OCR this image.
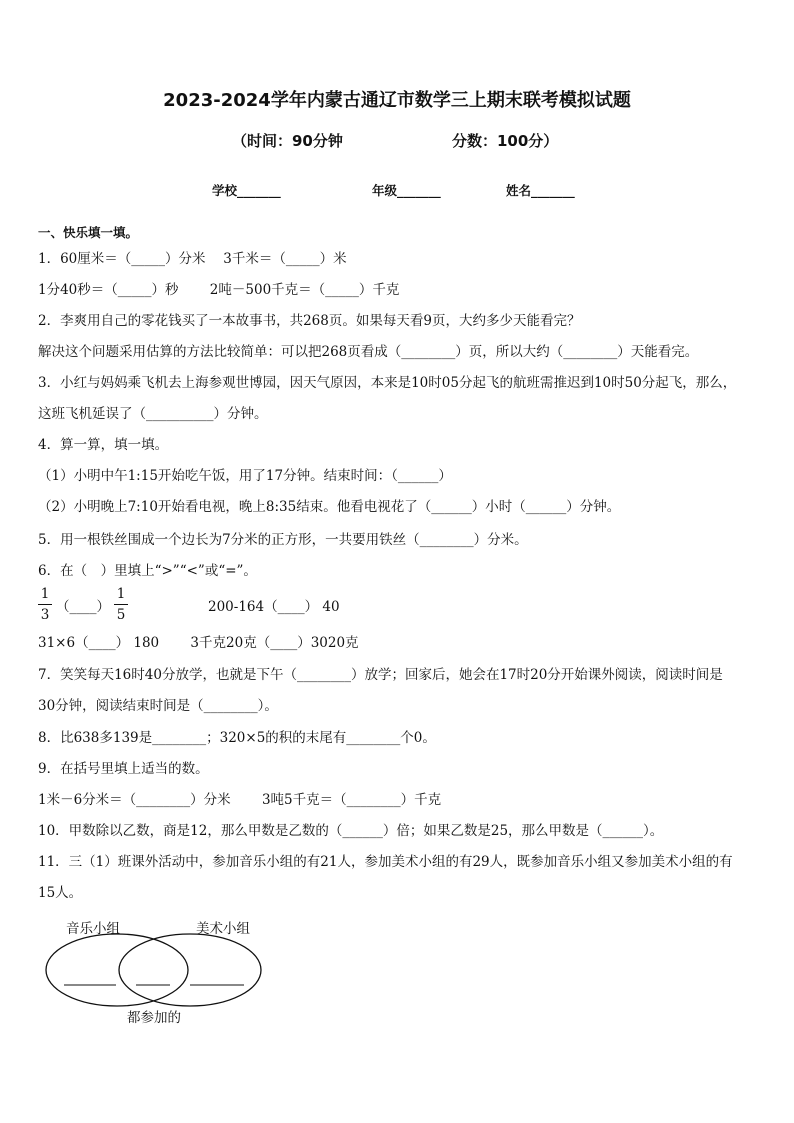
2023-2024学年内蒙古通辽市数学三上期末联考模拟试题
（时间：90分钟	分数：100分）
学校_______	年级_______	姓名_______
一、快乐填一填。
1．60厘米＝（_____）分米　 3千米＝（_____）米
1分40秒＝（_____）秒　　 2吨－500千克＝（_____）千克
2．李爽用自己的零花钱买了一本故事书，共268页。如果每天看9页，大约多少天能看完？
解决这个问题采用估算的方法比较简单：可以把268页看成（________）页，所以大约（________）天能看完。
3．小红与妈妈乘飞机去上海参观世博园，因天气原因，本来是10时05分起飞的航班需推迟到10时50分起飞，那么，
这班飞机延误了（__________）分钟。
4．算一算，填一填。
（1）小明中午1:15开始吃午饭，用了17分钟。结束时间：（______）
（2）小明晚上7:10开始看电视，晚上8:35结束。他看电视花了（______）小时（______）分钟。
5．用一根铁丝围成一个边长为7分米的正方形，一共要用铁丝（________）分米。
6．在（　）里填上“>”“<”或“=”。
1
3 （____）
1
5	200-164（____） 40
31×6（____） 180　　 3千克20克（____）3020克
7．笑笑每天16时40分放学，也就是下午（________）放学；回家后，她会在17时20分开始课外阅读，阅读时间是
30分钟，阅读结束时间是（________）。
8．比638多139是________；320×5的积的末尾有________个0。
9．在括号里填上适当的数。
1米－6分米＝（________）分米　　 3吨5千克＝（________）千克
10．甲数除以乙数，商是12，那么甲数是乙数的（______）倍；如果乙数是25，那么甲数是（______）。
11．三（1）班课外活动中，参加音乐小组的有21人，参加美术小组的有29人，既参加音乐小组又参加美术小组的有
15人。
音乐小组	美术小组
都参加的
